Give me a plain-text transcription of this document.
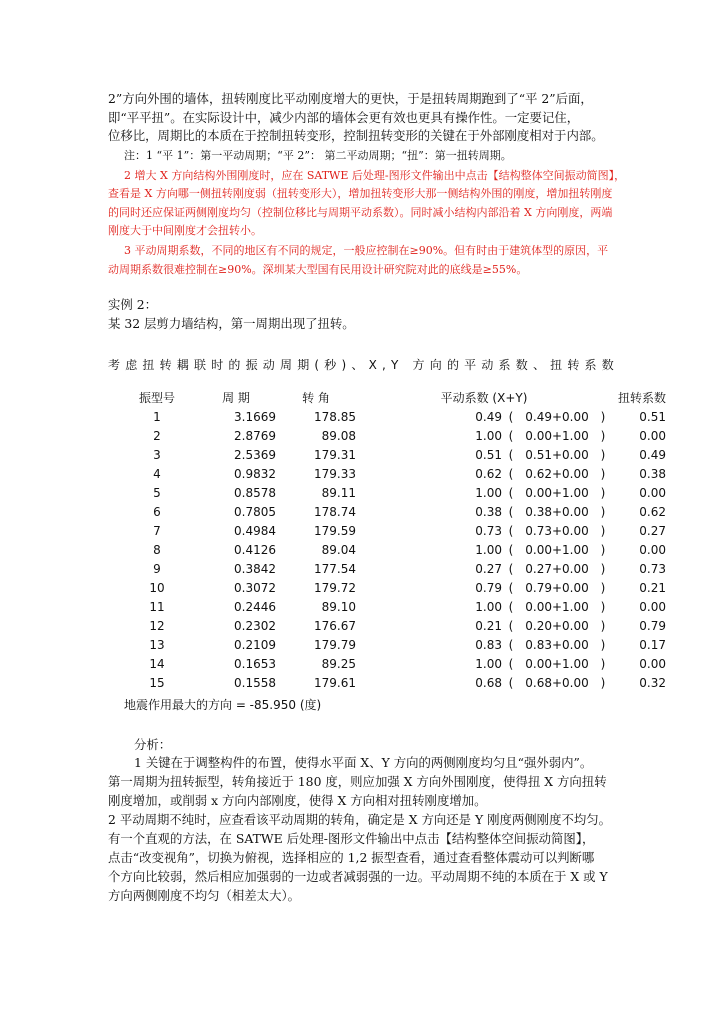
2”方向外围的墙体，扭转刚度比平动刚度增大的更快，于是扭转周期跑到了“平 2”后面，
即“平平扭”。在实际设计中，减少内部的墙体会更有效也更具有操作性。一定要记住，
位移比，周期比的本质在于控制扭转变形，控制扭转变形的关键在于外部刚度相对于内部。
注：1 “平 1”：第一平动周期；“平 2”： 第二平动周期；“扭”：第一扭转周期。
2 增大 X 方向结构外围刚度时，应在 SATWE 后处理-图形文件输出中点击【结构整体空间振动简图】，
查看是 X 方向哪一侧扭转刚度弱（扭转变形大），增加扭转变形大那一侧结构外围的刚度，增加扭转刚度
的同时还应保证两侧刚度均匀（控制位移比与周期平动系数）。同时减小结构内部沿着 X 方向刚度，两端
刚度大于中间刚度才会扭转小。
3 平动周期系数，不同的地区有不同的规定，一般应控制在≥90%。但有时由于建筑体型的原因，平
动周期系数很难控制在≥90%。深圳某大型国有民用设计研究院对此的底线是≥55%。
实例 2：
某 32 层剪力墙结构，第一周期出现了扭转。
考虑扭转耦联时的振动周期(秒)、X,Y 方向的平动系数、扭转系数
振型号	周 期	转 角	平动系数 (X+Y)				扭转系数
1	3.1669	178.85	0.49	(	0.49+0.00	)	0.51
2	2.8769	89.08	1.00	(	0.00+1.00	)	0.00
3	2.5369	179.31	0.51	(	0.51+0.00	)	0.49
4	0.9832	179.33	0.62	(	0.62+0.00	)	0.38
5	0.8578	89.11	1.00	(	0.00+1.00	)	0.00
6	0.7805	178.74	0.38	(	0.38+0.00	)	0.62
7	0.4984	179.59	0.73	(	0.73+0.00	)	0.27
8	0.4126	89.04	1.00	(	0.00+1.00	)	0.00
9	0.3842	177.54	0.27	(	0.27+0.00	)	0.73
10	0.3072	179.72	0.79	(	0.79+0.00	)	0.21
11	0.2446	89.10	1.00	(	0.00+1.00	)	0.00
12	0.2302	176.67	0.21	(	0.20+0.00	)	0.79
13	0.2109	179.79	0.83	(	0.83+0.00	)	0.17
14	0.1653	89.25	1.00	(	0.00+1.00	)	0.00
15	0.1558	179.61	0.68	(	0.68+0.00	)	0.32
地震作用最大的方向 = -85.950 (度)
分析：
1 关键在于调整构件的布置，使得水平面 X、Y 方向的两侧刚度均匀且“强外弱内”。
第一周期为扭转振型，转角接近于 180 度，则应加强 X 方向外围刚度，使得扭 X 方向扭转
刚度增加，或削弱 x 方向内部刚度，使得 X 方向相对扭转刚度增加。
2 平动周期不纯时，应查看该平动周期的转角，确定是 X 方向还是 Y 刚度两侧刚度不均匀。
有一个直观的方法，在 SATWE 后处理-图形文件输出中点击【结构整体空间振动简图】，
点击“改变视角”，切换为俯视，选择相应的 1,2 振型查看，通过查看整体震动可以判断哪
个方向比较弱，然后相应加强弱的一边或者减弱强的一边。平动周期不纯的本质在于 X 或 Y
方向两侧刚度不均匀（相差太大）。
